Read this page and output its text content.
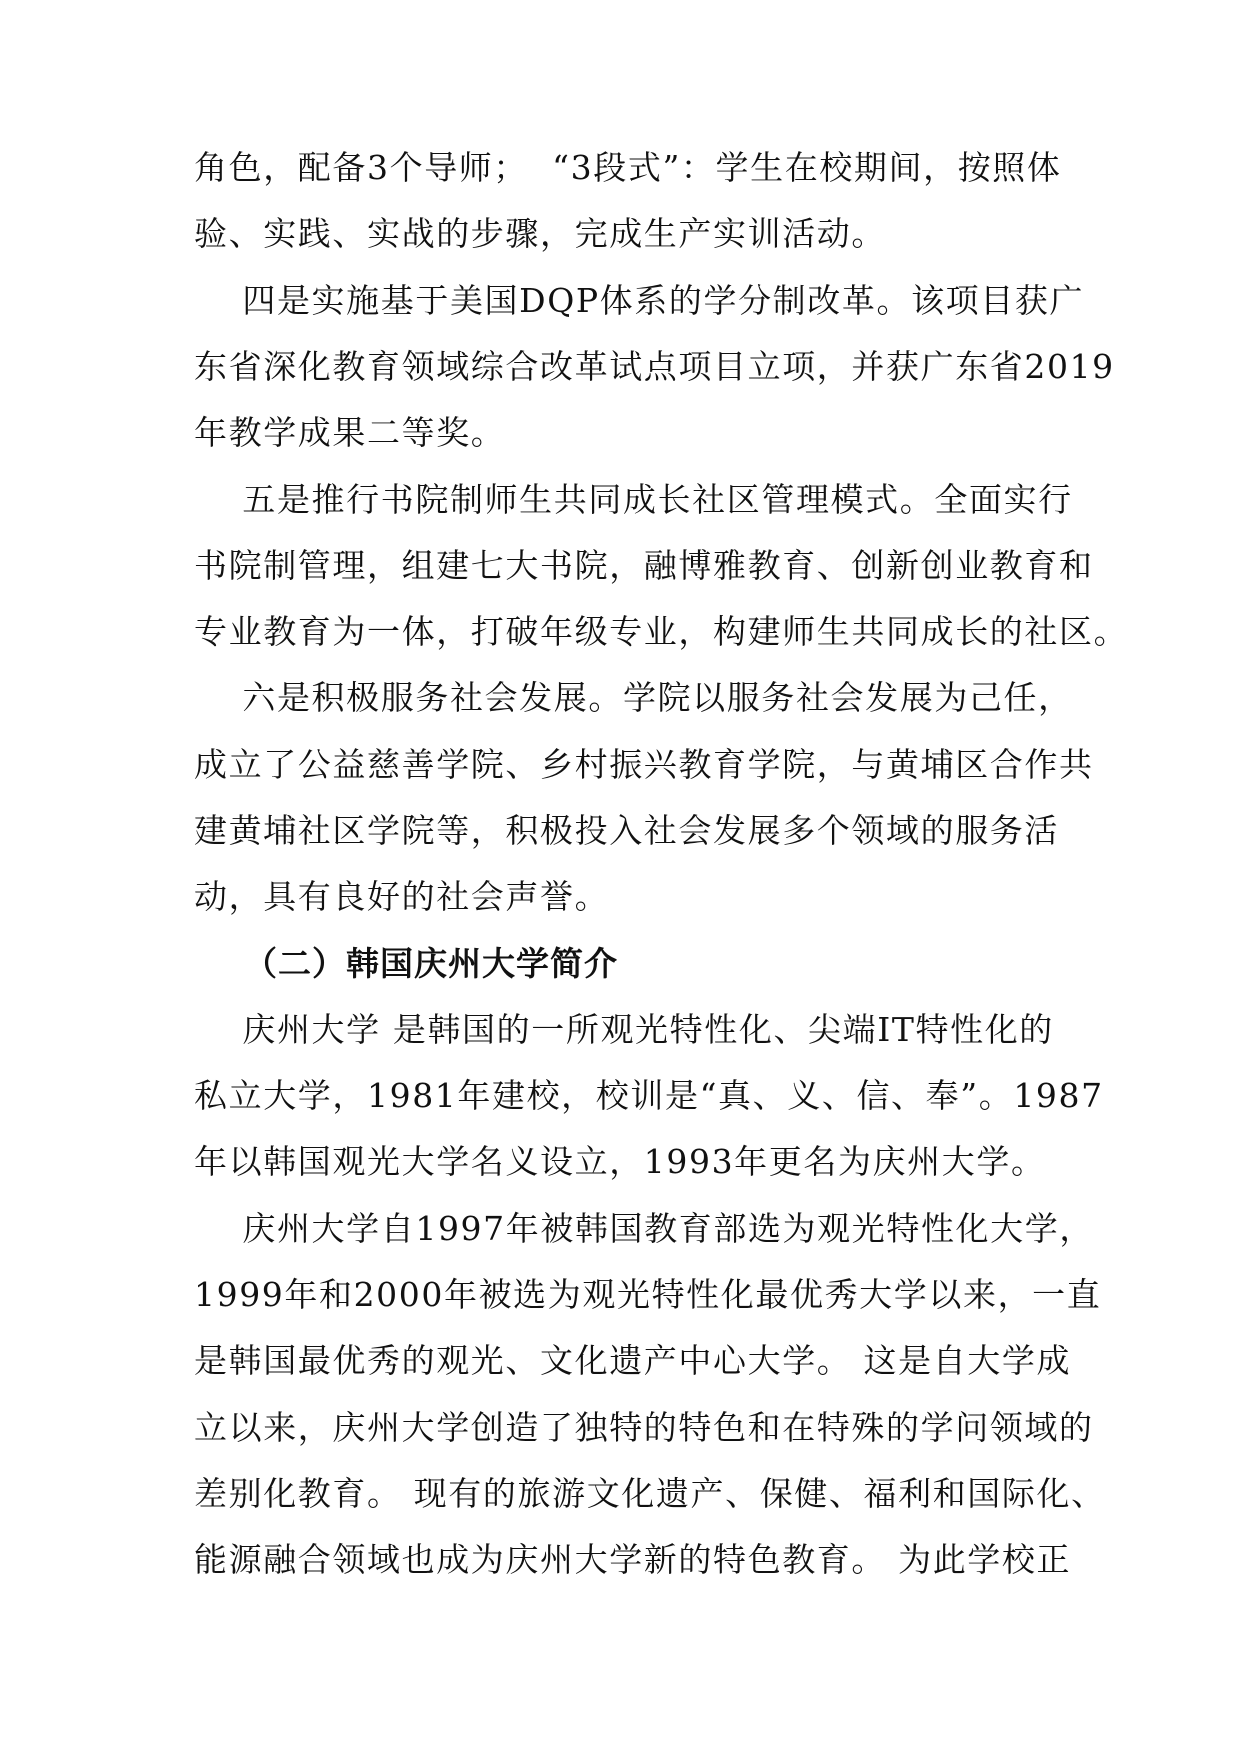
角色，配备3个导师；  “3段式”：学生在校期间，按照体
验、实践、实战的步骤，完成生产实训活动。
四是实施基于美国DQP体系的学分制改革。该项目获广
东省深化教育领域综合改革试点项目立项，并获广东省2019
年教学成果二等奖。
五是推行书院制师生共同成长社区管理模式。全面实行
书院制管理，组建七大书院，融博雅教育、创新创业教育和
专业教育为一体，打破年级专业，构建师生共同成长的社区。
六是积极服务社会发展。学院以服务社会发展为己任，
成立了公益慈善学院、乡村振兴教育学院，与黄埔区合作共
建黄埔社区学院等，积极投入社会发展多个领域的服务活
动，具有良好的社会声誉。
（二）韩国庆州大学简介
庆州大学 是韩国的一所观光特性化、尖端IT特性化的
私立大学，1981年建校，校训是“真、义、信、奉”。1987
年以韩国观光大学名义设立，1993年更名为庆州大学。
庆州大学自1997年被韩国教育部选为观光特性化大学，
1999年和2000年被选为观光特性化最优秀大学以来，一直
是韩国最优秀的观光、文化遗产中心大学。 这是自大学成
立以来，庆州大学创造了独特的特色和在特殊的学问领域的
差别化教育。 现有的旅游文化遗产、保健、福利和国际化、
能源融合领域也成为庆州大学新的特色教育。 为此学校正
